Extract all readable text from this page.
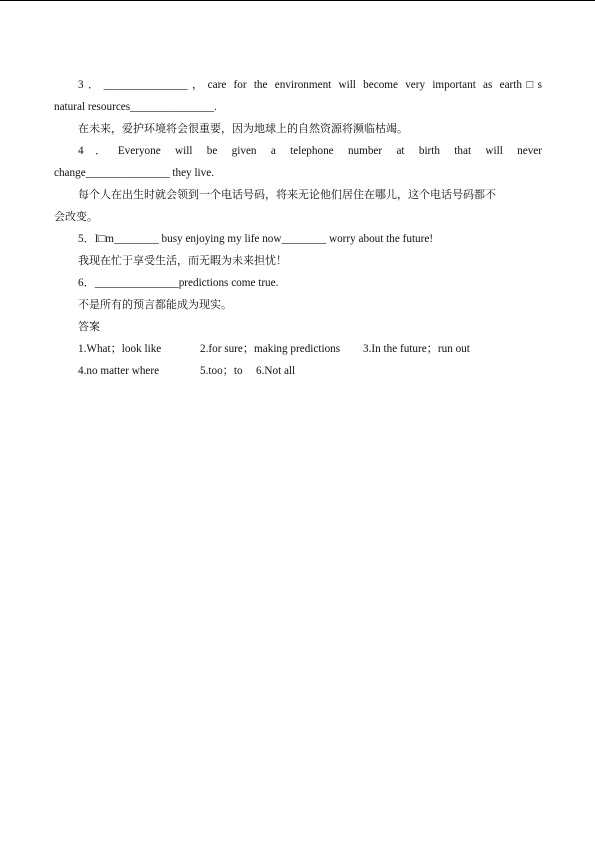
3．_______________，care for the environment will become very important as earth□s
natural resources_______________.
在未来，爱护环境将会很重要，因为地球上的自然资源将濒临枯竭。
4．Everyone will be given a telephone number at birth that will never
change_______________ they live.
每个人在出生时就会领到一个电话号码，将来无论他们居住在哪儿，这个电话号码都不
会改变。
5．I□m________ busy enjoying my life now________ worry about the future!
我现在忙于享受生活，而无暇为未来担忧！
6．_______________predictions come true.
不是所有的预言都能成为现实。
答案
1.What；look like	2.for sure；making predictions 3.In the future；run out
4.no matter where	5.too；to 6.Not all
